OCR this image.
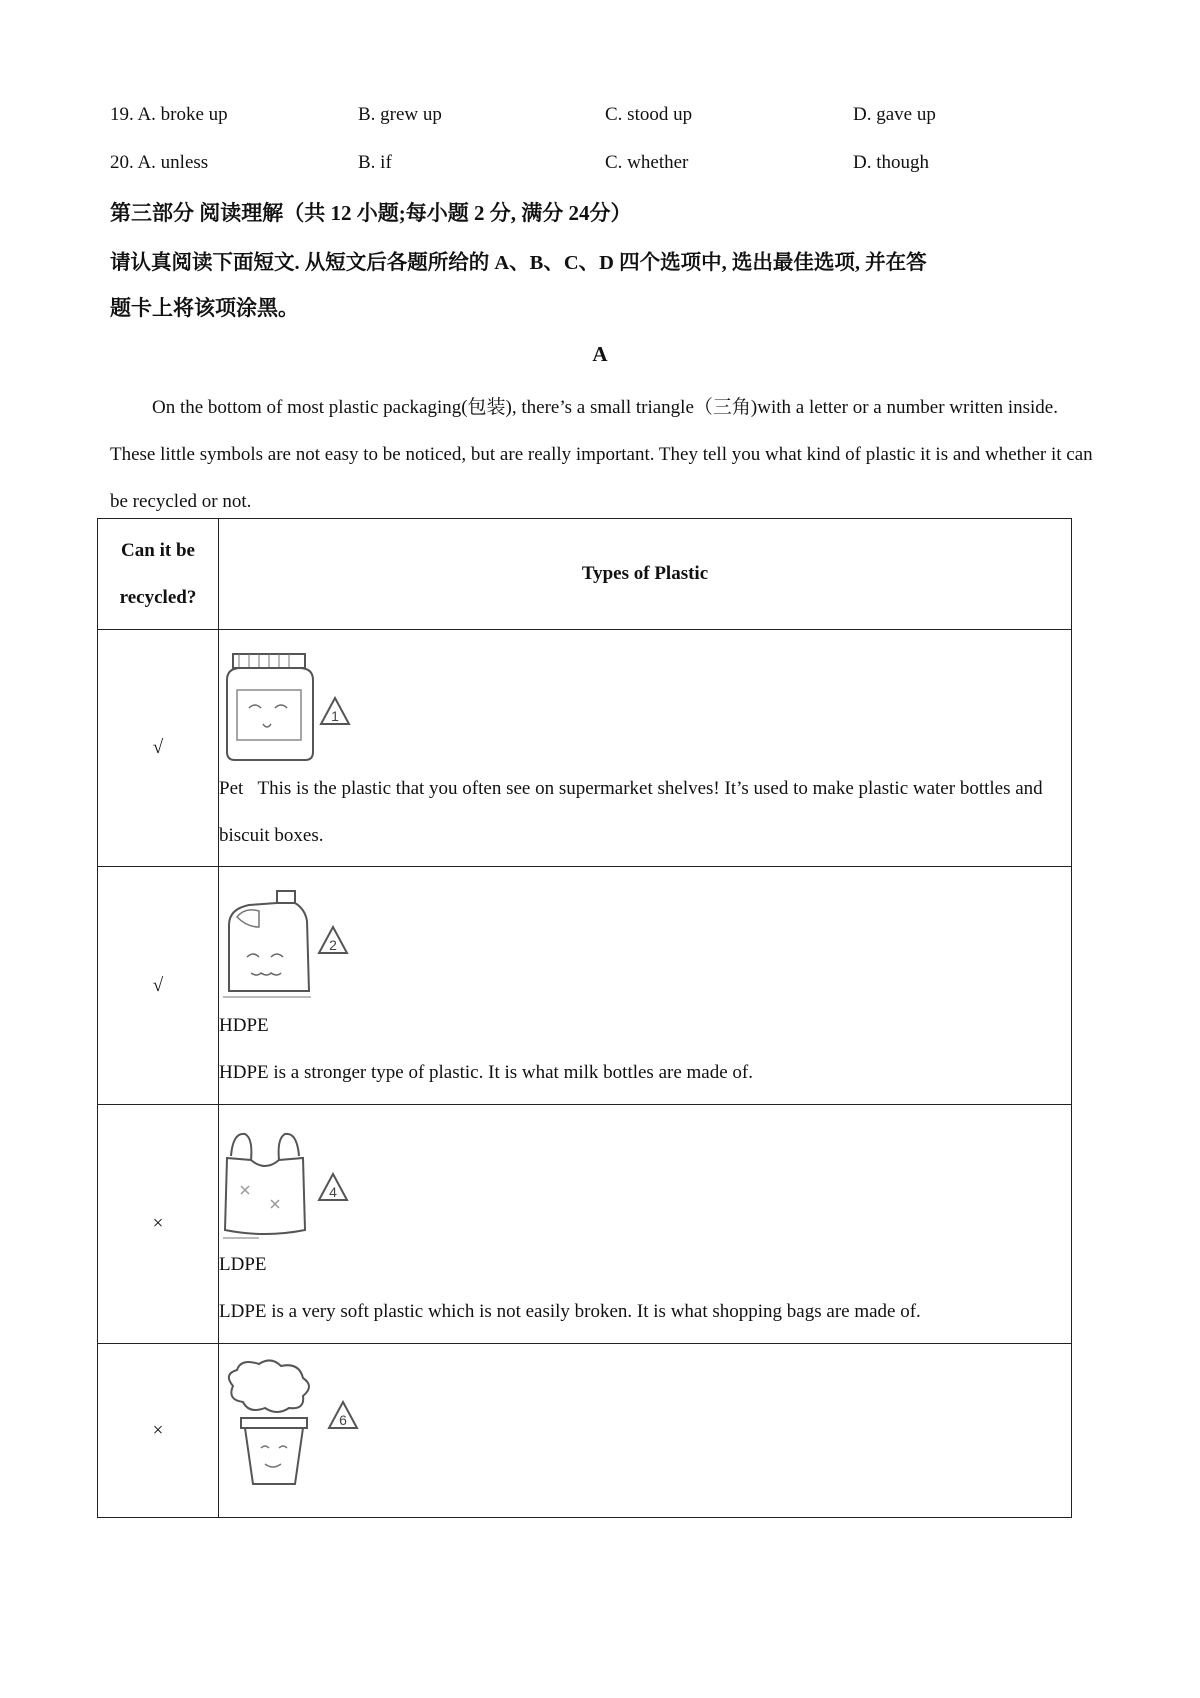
19. A. broke up	B. grew up	C. stood up	D. gave up
20. A. unless	B. if	C. whether	D. though
第三部分 阅读理解（共 12 小题;每小题 2 分, 满分 24分）
请认真阅读下面短文. 从短文后各题所给的 A、B、C、D 四个选项中, 选出最佳选项, 并在答
题卡上将该项涂黑。
A
On the bottom of most plastic packaging(包装), there’s a small triangle（三角)with a letter or a number written inside. These little symbols are not easy to be noticed, but are really important. They tell you what kind of plastic it is and whether it can be recycled or not.
Can it be recycled?	Types of Plastic

√	1
Pet This is the plastic that you often see on supermarket shelves! It’s used to make plastic water bottles and biscuit boxes.

√	2
HDPE
HDPE is a stronger type of plastic. It is what milk bottles are made of.

×	4
LDPE
LDPE is a very soft plastic which is not easily broken. It is what shopping bags are made of.

×	6
